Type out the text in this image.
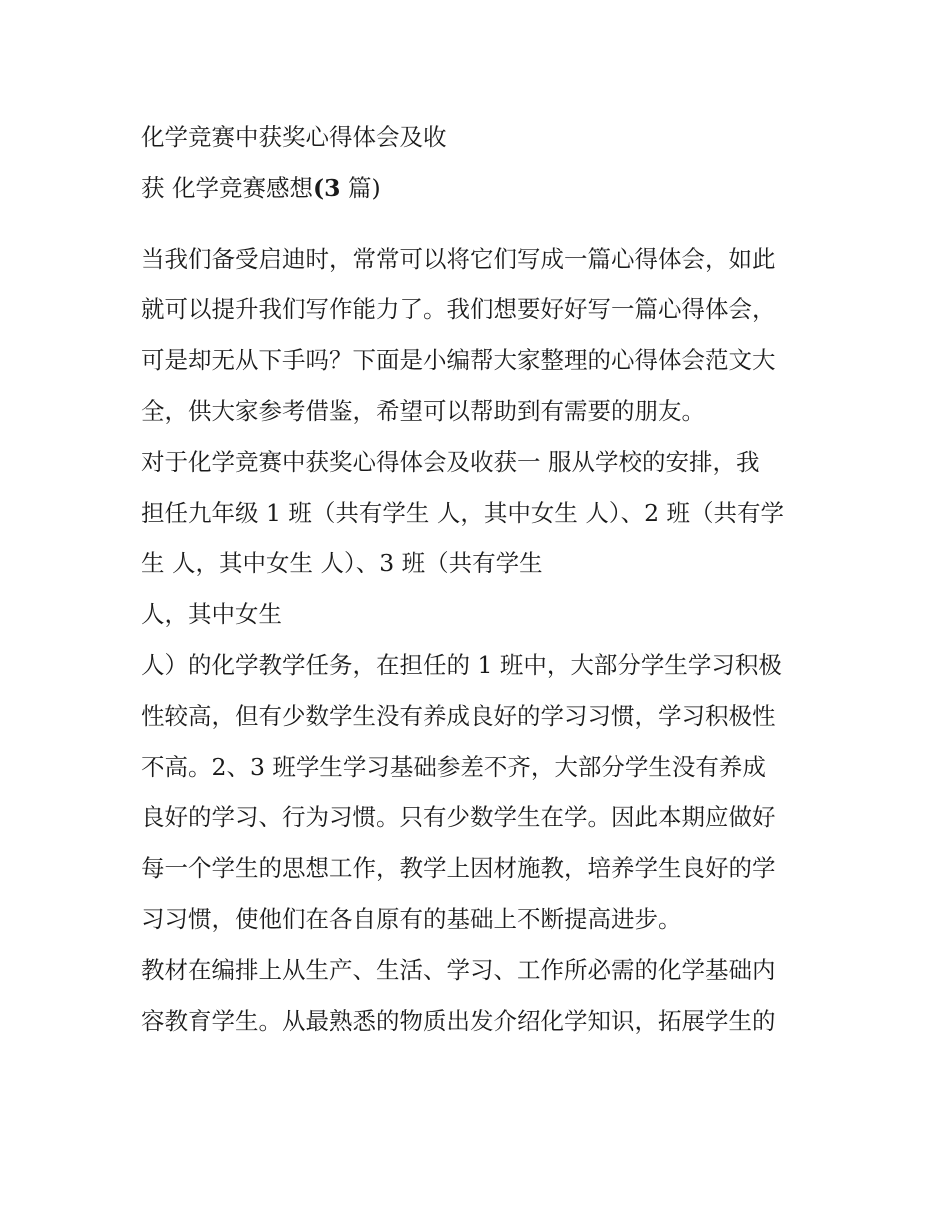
化学竞赛中获奖心得体会及收
获 化学竞赛感想(3 篇)
当我们备受启迪时，常常可以将它们写成一篇心得体会，如此
就可以提升我们写作能力了。我们想要好好写一篇心得体会，
可是却无从下手吗？下面是小编帮大家整理的心得体会范文大
全，供大家参考借鉴，希望可以帮助到有需要的朋友。
对于化学竞赛中获奖心得体会及收获一 服从学校的安排，我
担任九年级 1 班（共有学生 人，其中女生 人）、2 班（共有学
生 人，其中女生 人）、3 班（共有学生
人，其中女生
人）的化学教学任务，在担任的 1 班中，大部分学生学习积极
性较高，但有少数学生没有养成良好的学习习惯，学习积极性
不高。2、3 班学生学习基础参差不齐，大部分学生没有养成
良好的学习、行为习惯。只有少数学生在学。因此本期应做好
每一个学生的思想工作，教学上因材施教，培养学生良好的学
习习惯，使他们在各自原有的基础上不断提高进步。
教材在编排上从生产、生活、学习、工作所必需的化学基础内
容教育学生。从最熟悉的物质出发介绍化学知识，拓展学生的
